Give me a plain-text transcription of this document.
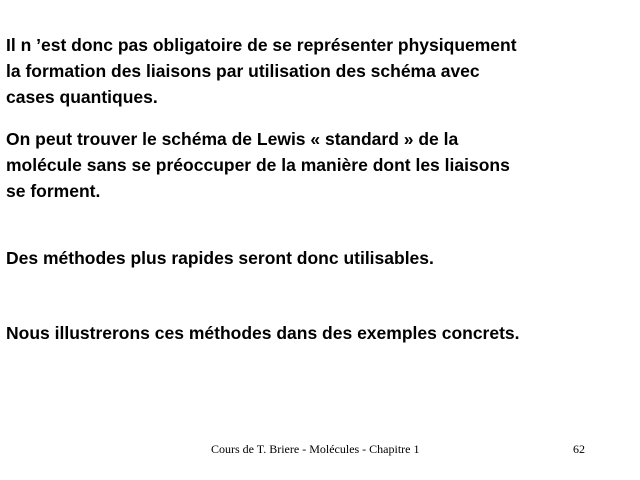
Il n ’est donc pas obligatoire de se représenter physiquement
la formation des liaisons par utilisation des schéma avec
cases quantiques.
On peut trouver le schéma de Lewis « standard » de la
molécule sans se préoccuper de la manière dont les liaisons
se forment.
Des méthodes plus rapides seront donc utilisables.
Nous illustrerons ces méthodes dans des exemples concrets.
Cours de T. Briere - Molécules - Chapitre 1	62
